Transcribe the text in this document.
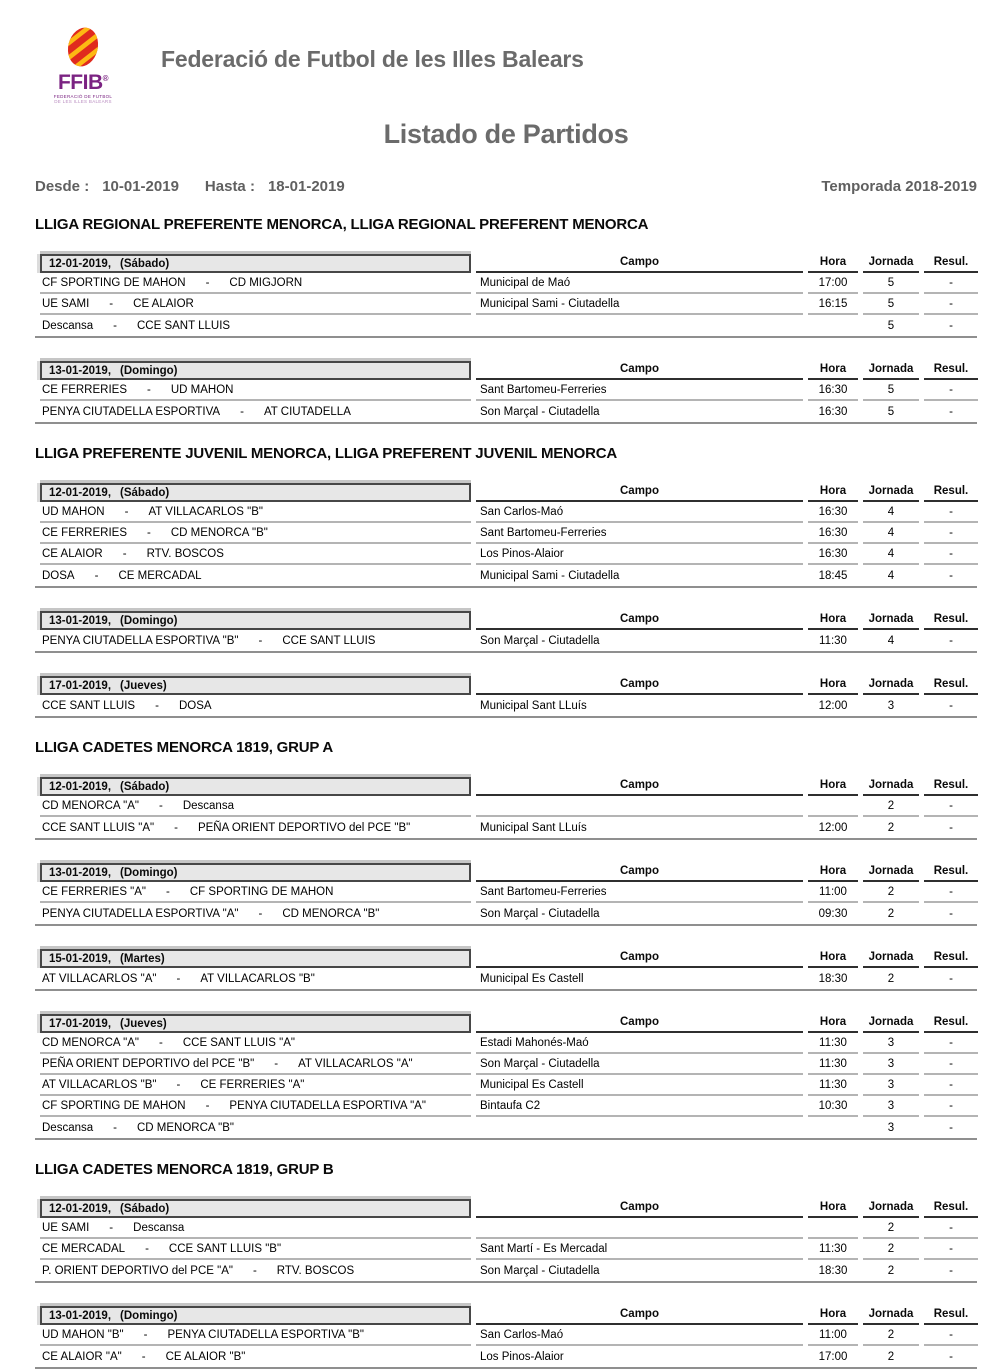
FFIB®
FEDERACIÓ DE FUTBOL
DE LES ILLES BALEARS
Federació de Futbol de les Illes Balears
Listado de Partidos
Desde : 10-01-2019 Hasta : 18-01-2019	Temporada 2018-2019
LLIGA REGIONAL PREFERENTE MENORCA, LLIGA REGIONAL PREFERENT MENORCA
12-01-2019, (Sábado)	Campo	Hora	Jornada	Resul.
CF SPORTING DE MAHON - CD MIGJORN	Municipal de Maó	17:00	5	-
UE SAMI - CE ALAIOR	Municipal Sami - Ciutadella	16:15	5	-
Descansa - CCE SANT LLUIS			5	-
13-01-2019, (Domingo)	Campo	Hora	Jornada	Resul.
CE FERRERIES - UD MAHON	Sant Bartomeu-Ferreries	16:30	5	-
PENYA CIUTADELLA ESPORTIVA - AT CIUTADELLA	Son Marçal - Ciutadella	16:30	5	-
LLIGA PREFERENTE JUVENIL MENORCA, LLIGA PREFERENT JUVENIL MENORCA
12-01-2019, (Sábado)	Campo	Hora	Jornada	Resul.
UD MAHON - AT VILLACARLOS "B"	San Carlos-Maó	16:30	4	-
CE FERRERIES - CD MENORCA "B"	Sant Bartomeu-Ferreries	16:30	4	-
CE ALAIOR - RTV. BOSCOS	Los Pinos-Alaior	16:30	4	-
DOSA - CE MERCADAL	Municipal Sami - Ciutadella	18:45	4	-
13-01-2019, (Domingo)	Campo	Hora	Jornada	Resul.
PENYA CIUTADELLA ESPORTIVA "B" - CCE SANT LLUIS	Son Marçal - Ciutadella	11:30	4	-
17-01-2019, (Jueves)	Campo	Hora	Jornada	Resul.
CCE SANT LLUIS - DOSA	Municipal Sant LLuís	12:00	3	-
LLIGA CADETES MENORCA 1819, GRUP A
12-01-2019, (Sábado)	Campo	Hora	Jornada	Resul.
CD MENORCA "A" - Descansa			2	-
CCE SANT LLUIS "A" - PEÑA ORIENT DEPORTIVO del PCE "B"	Municipal Sant LLuís	12:00	2	-
13-01-2019, (Domingo)	Campo	Hora	Jornada	Resul.
CE FERRERIES "A" - CF SPORTING DE MAHON	Sant Bartomeu-Ferreries	11:00	2	-
PENYA CIUTADELLA ESPORTIVA "A" - CD MENORCA "B"	Son Marçal - Ciutadella	09:30	2	-
15-01-2019, (Martes)	Campo	Hora	Jornada	Resul.
AT VILLACARLOS "A" - AT VILLACARLOS "B"	Municipal Es Castell	18:30	2	-
17-01-2019, (Jueves)	Campo	Hora	Jornada	Resul.
CD MENORCA "A" - CCE SANT LLUIS "A"	Estadi Mahonés-Maó	11:30	3	-
PEÑA ORIENT DEPORTIVO del PCE "B" - AT VILLACARLOS "A"	Son Marçal - Ciutadella	11:30	3	-
AT VILLACARLOS "B" - CE FERRERIES "A"	Municipal Es Castell	11:30	3	-
CF SPORTING DE MAHON - PENYA CIUTADELLA ESPORTIVA "A"	Bintaufa C2	10:30	3	-
Descansa - CD MENORCA "B"			3	-
LLIGA CADETES MENORCA 1819, GRUP B
12-01-2019, (Sábado)	Campo	Hora	Jornada	Resul.
UE SAMI - Descansa			2	-
CE MERCADAL - CCE SANT LLUIS "B"	Sant Martí - Es Mercadal	11:30	2	-
P. ORIENT DEPORTIVO del PCE "A" - RTV. BOSCOS	Son Marçal - Ciutadella	18:30	2	-
13-01-2019, (Domingo)	Campo	Hora	Jornada	Resul.
UD MAHON "B" - PENYA CIUTADELLA ESPORTIVA "B"	San Carlos-Maó	11:00	2	-
CE ALAIOR "A" - CE ALAIOR "B"	Los Pinos-Alaior	17:00	2	-
